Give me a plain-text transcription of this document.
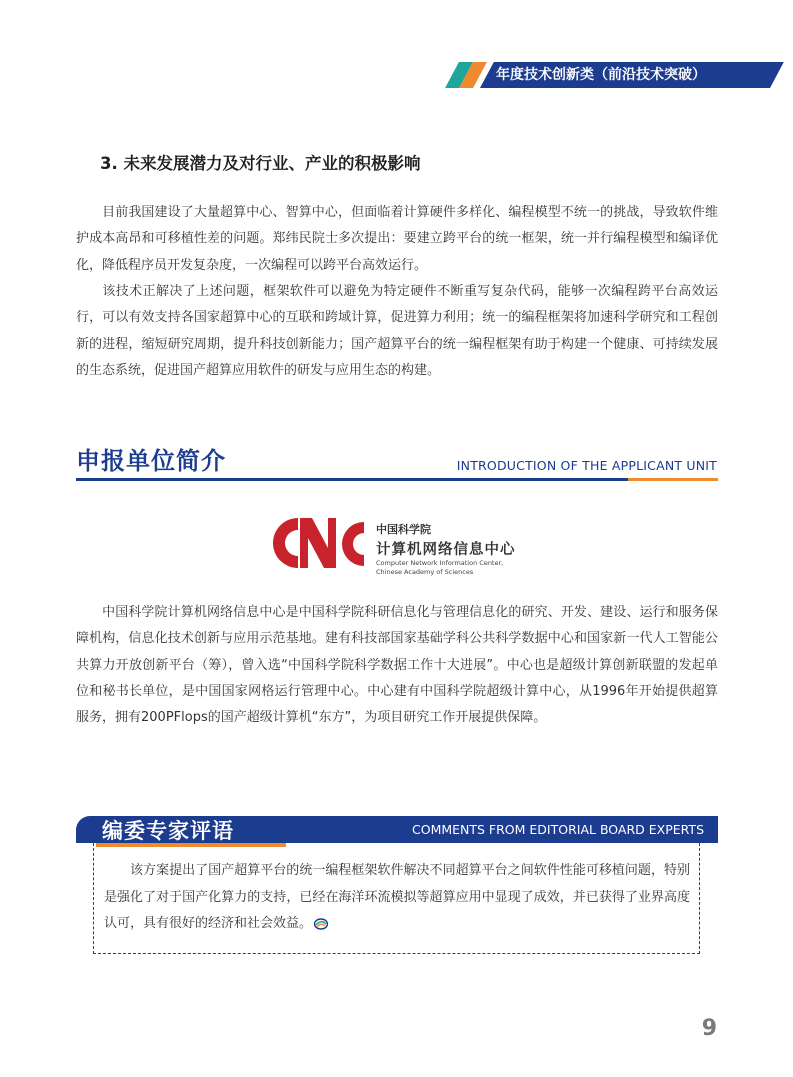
年度技术创新类（前沿技术突破）
3. 未来发展潜力及对行业、产业的积极影响

目前我国建设了大量超算中心、智算中心，但面临着计算硬件多样化、编程模型不统一的挑战，导致软件维护成本高昂和可移植性差的问题。郑纬民院士多次提出：要建立跨平台的统一框架，统一并行编程模型和编译优化，降低程序员开发复杂度，一次编程可以跨平台高效运行。

该技术正解决了上述问题，框架软件可以避免为特定硬件不断重写复杂代码，能够一次编程跨平台高效运行，可以有效支持各国家超算中心的互联和跨域计算，促进算力利用；统一的编程框架将加速科学研究和工程创新的进程，缩短研究周期，提升科技创新能力；国产超算平台的统一编程框架有助于构建一个健康、可持续发展的生态系统，促进国产超算应用软件的研发与应用生态的构建。

申报单位简介	INTRODUCTION OF THE APPLICANT UNIT
中国科学院
计算机网络信息中心
Computer Network Information Center,
Chinese Academy of Sciences

中国科学院计算机网络信息中心是中国科学院科研信息化与管理信息化的研究、开发、建设、运行和服务保障机构，信息化技术创新与应用示范基地。建有科技部国家基础学科公共科学数据中心和国家新一代人工智能公共算力开放创新平台（筹），曾入选“中国科学院科学数据工作十大进展”。中心也是超级计算创新联盟的发起单位和秘书长单位，是中国国家网格运行管理中心。中心建有中国科学院超级计算中心，从1996年开始提供超算服务，拥有200PFlops的国产超级计算机“东方”，为项目研究工作开展提供保障。

编委专家评语	COMMENTS FROM EDITORIAL BOARD EXPERTS

该方案提出了国产超算平台的统一编程框架软件解决不同超算平台之间软件性能可移植问题，特别是强化了对于国产化算力的支持，已经在海洋环流模拟等超算应用中显现了成效，并已获得了业界高度认可，具有很好的经济和社会效益。

9
